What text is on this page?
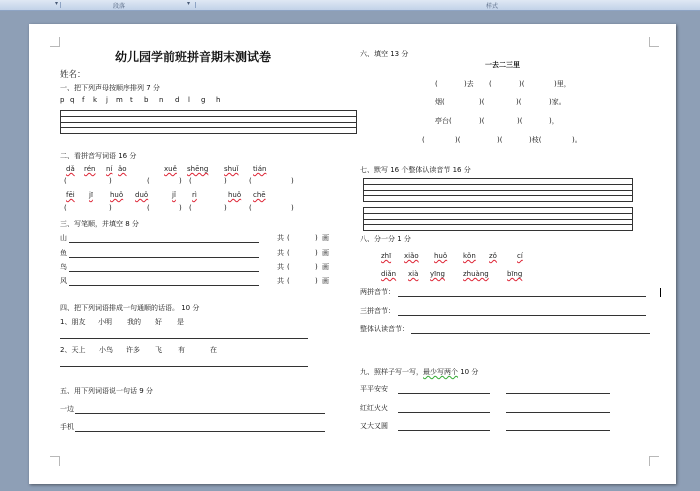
段落	样式
▾	▾
幼儿园学前班拼音期末测试卷
姓名：
一、把下列声母按顺序排列 7 分
p q f k j m t b n d l g h
二、看拼音写词语 16 分
dǎ rén ní ǎo	xuě shēng shuǐ tián
(	)	(	) (	)	(	)
fēi jī huǒ duǒ	jǐ rì	huǒ chē
(	)	(	) (	)	(	)
三、写笔顺，并填空 8 分
山	共 (	) 画
鱼	共 (	) 画
鸟	共 (	) 画
风	共 (	) 画
四、把下列词语排成一句通顺的话语。 10 分
1、朋友 小明 我的 好 是
2、天上 小鸟 许多 飞 有	在
五、用下列词语说一句话 9 分
一边
手机
六、填空 13 分
一去二三里
(	)去 (	)(	)里，
烟(	)(	)(	)家。
亭台(	)(	)(	)，
(	)(	)(	)枝(	)。
七、默写 16 个整体认读音节 16 分
八、分一分 1 分
zhī xiǎo huǒ kǒn zǒ	cí
diǎn xià yīng	zhuàng	bīng
两拼音节：
三拼音节：
整体认读音节：
九、照样子写一写，最少写两个 10 分
平平安安
红红火火
又大又圆
